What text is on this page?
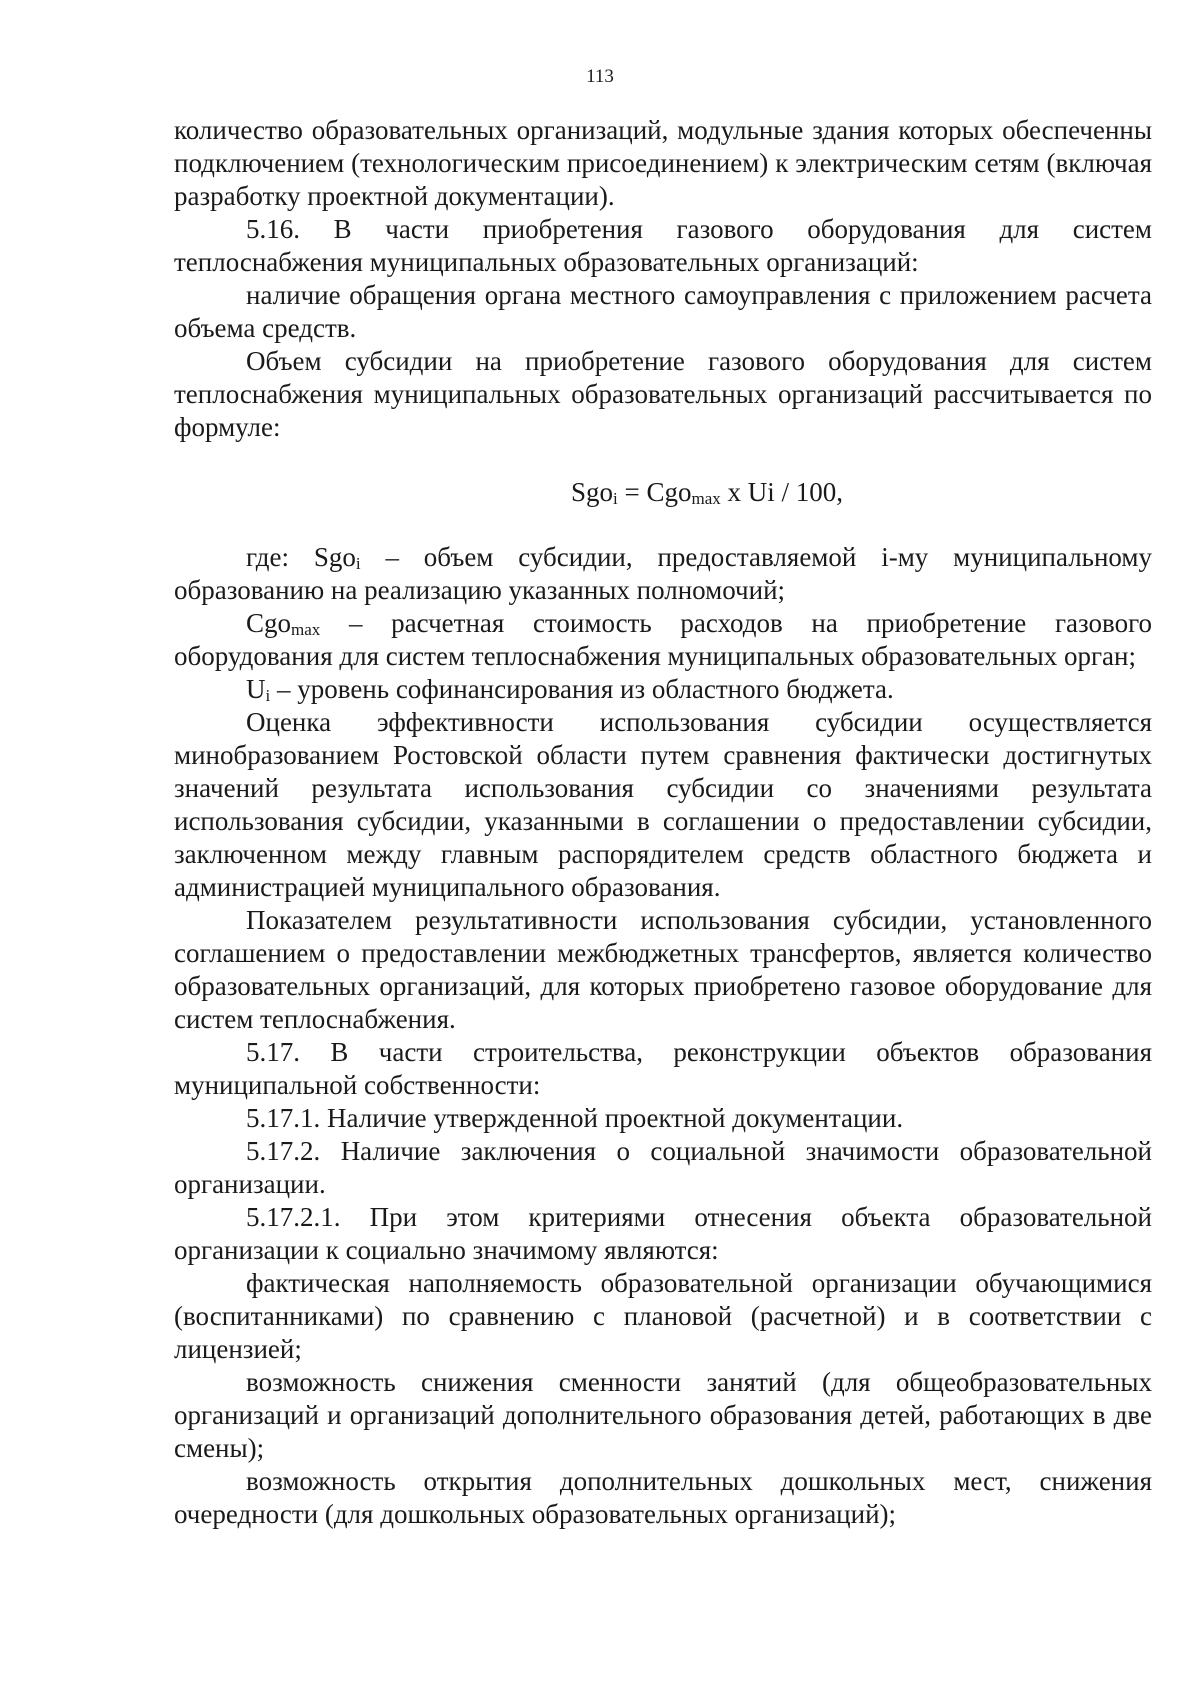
113

количество образовательных организаций, модульные здания которых обеспеченны подключением (технологическим присоединением) к электрическим сетям (включая разработку проектной документации).

5.16. В части приобретения газового оборудования для систем теплоснабжения муниципальных образовательных организаций:

наличие обращения органа местного самоуправления с приложением расчета объема средств.

Объем субсидии на приобретение газового оборудования для систем теплоснабжения муниципальных образовательных организаций рассчитывается по формуле:

Sgo$_i$ = Cgo$_{max}$ x Ui / 100,

где: Sgo$_i$ – объем субсидии, предоставляемой i-му муниципальному образованию на реализацию указанных полномочий;

Cgo$_{max}$ – расчетная стоимость расходов на приобретение газового оборудования для систем теплоснабжения муниципальных образовательных орган;

$U_i$ – уровень софинансирования из областного бюджета.

Оценка эффективности использования субсидии осуществляется минобразованием Ростовской области путем сравнения фактически достигнутых значений результата использования субсидии со значениями результата использования субсидии, указанными в соглашении о предоставлении субсидии, заключенном между главным распорядителем средств областного бюджета и администрацией муниципального образования.

Показателем результативности использования субсидии, установленного соглашением о предоставлении межбюджетных трансфертов, является количество образовательных организаций, для которых приобретено газовое оборудование для систем теплоснабжения.

5.17. В части строительства, реконструкции объектов образования муниципальной собственности:

5.17.1. Наличие утвержденной проектной документации.

5.17.2. Наличие заключения о социальной значимости образовательной организации.

5.17.2.1. При этом критериями отнесения объекта образовательной организации к социально значимому являются:

фактическая наполняемость образовательной организации обучающимися (воспитанниками) по сравнению с плановой (расчетной) и в соответствии с лицензией;

возможность снижения сменности занятий (для общеобразовательных организаций и организаций дополнительного образования детей, работающих в две смены);

возможность открытия дополнительных дошкольных мест, снижения очередности (для дошкольных образовательных организаций);
